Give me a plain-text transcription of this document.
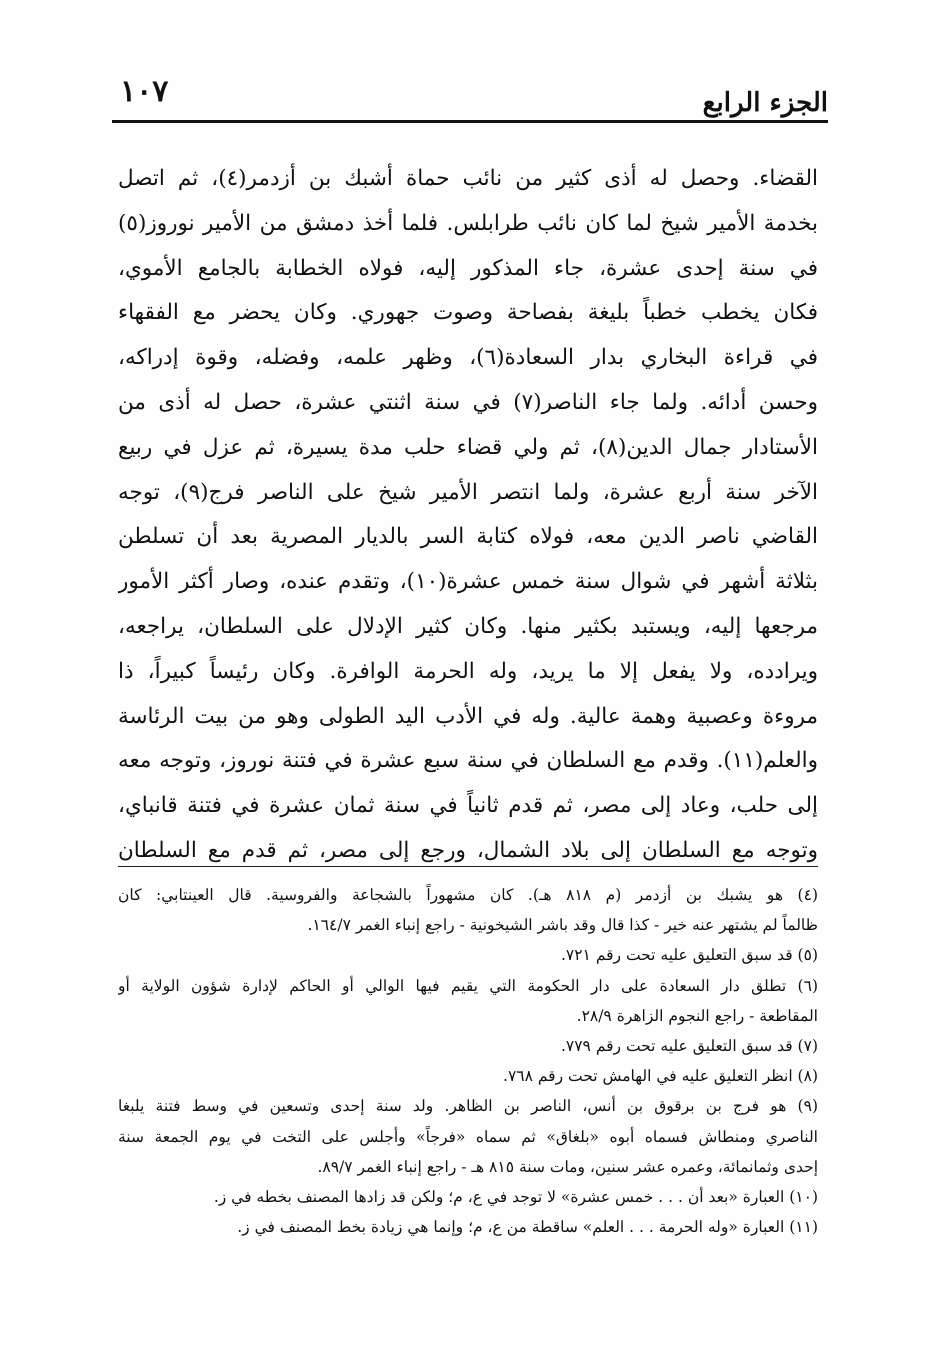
١٠٧	الجزء الرابع
القضاء. وحصل له أذى كثير من نائب حماة أشبك بن أزدمر(٤)، ثم اتصل
بخدمة الأمير شيخ لما كان نائب طرابلس. فلما أخذ دمشق من الأمير نوروز(٥)
في سنة إحدى عشرة، جاء المذكور إليه، فولاه الخطابة بالجامع الأموي،
فكان يخطب خطباً بليغة بفصاحة وصوت جهوري. وكان يحضر مع الفقهاء
في قراءة البخاري بدار السعادة(٦)، وظهر علمه، وفضله، وقوة إدراكه،
وحسن أدائه. ولما جاء الناصر(٧) في سنة اثنتي عشرة، حصل له أذى من
الأستادار جمال الدين(٨)، ثم ولي قضاء حلب مدة يسيرة، ثم عزل في ربيع
الآخر سنة أربع عشرة، ولما انتصر الأمير شيخ على الناصر فرج(٩)، توجه
القاضي ناصر الدين معه، فولاه كتابة السر بالديار المصرية بعد أن تسلطن
بثلاثة أشهر في شوال سنة خمس عشرة(١٠)، وتقدم عنده، وصار أكثر الأمور
مرجعها إليه، ويستبد بكثير منها. وكان كثير الإدلال على السلطان، يراجعه،
ويرادده، ولا يفعل إلا ما يريد، وله الحرمة الوافرة. وكان رئيساً كبيراً، ذا
مروءة وعصبية وهمة عالية. وله في الأدب اليد الطولى وهو من بيت الرئاسة
والعلم(١١). وقدم مع السلطان في سنة سبع عشرة في فتنة نوروز، وتوجه معه
إلى حلب، وعاد إلى مصر، ثم قدم ثانياً في سنة ثمان عشرة في فتنة قانباي،
وتوجه مع السلطان إلى بلاد الشمال، ورجع إلى مصر، ثم قدم مع السلطان
(٤) هو يشبك بن أزدمر (م ٨١٨ هـ). كان مشهوراً بالشجاعة والفروسية. قال العينتابي: كان
ظالماً لم يشتهر عنه خير - كذا قال وقد باشر الشيخونية - راجع إنباء الغمر ١٦٤/٧.
(٥) قد سبق التعليق عليه تحت رقم ٧٢١.
(٦) تطلق دار السعادة على دار الحكومة التي يقيم فيها الوالي أو الحاكم لإدارة شؤون الولاية أو
المقاطعة - راجع النجوم الزاهرة ٢٨/٩.
(٧) قد سبق التعليق عليه تحت رقم ٧٧٩.
(٨) انظر التعليق عليه في الهامش تحت رقم ٧٦٨.
(٩) هو فرج بن برقوق بن أنس، الناصر بن الظاهر. ولد سنة إحدى وتسعين في وسط فتنة يلبغا
الناصري ومنطاش فسماه أبوه «بلغاق» ثم سماه «فرجاً» وأجلس على التخت في يوم الجمعة سنة
إحدى وثمانمائة، وعمره عشر سنين، ومات سنة ٨١٥ هـ - راجع إنباء الغمر ٨٩/٧.
(١٠) العبارة «بعد أن . . . خمس عشرة» لا توجد في ع، م؛ ولكن قد زادها المصنف بخطه في ز.
(١١) العبارة «وله الحرمة . . . العلم» ساقطة من ع، م؛ وإنما هي زيادة بخط المصنف في ز.
